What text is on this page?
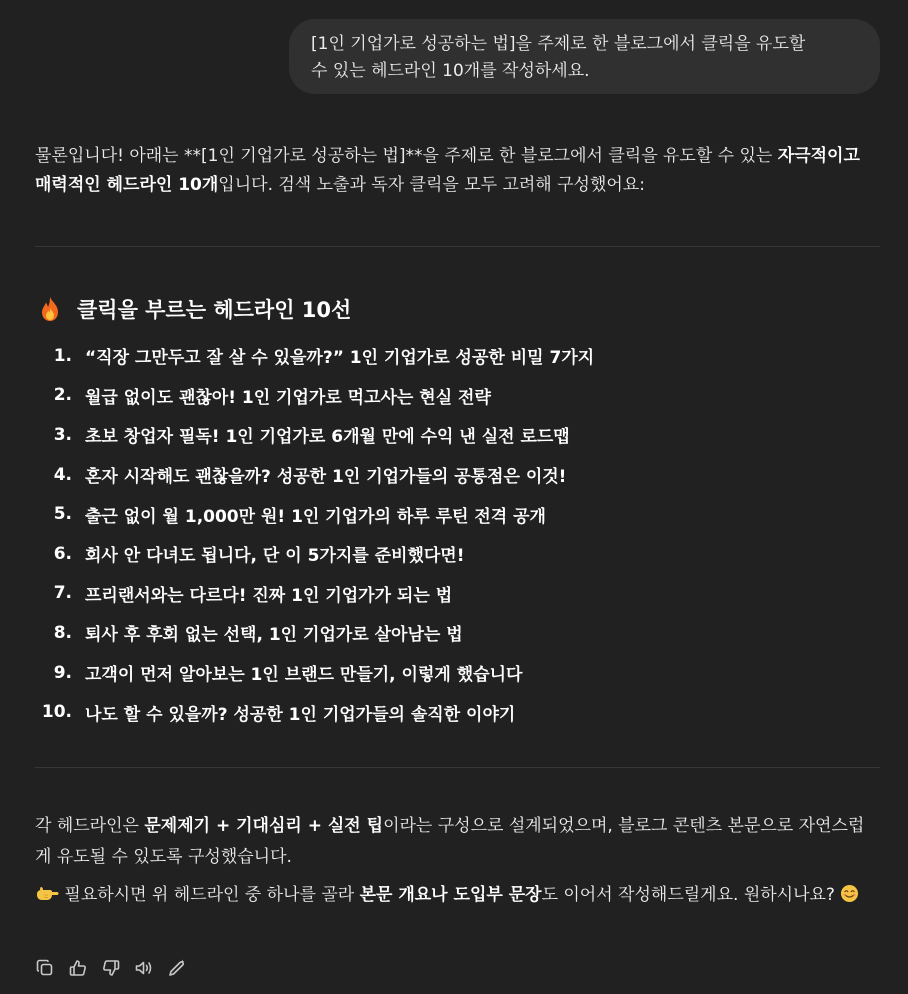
[1인 기업가로 성공하는 법]을 주제로 한 블로그에서 클릭을 유도할
수 있는 헤드라인 10개를 작성하세요.

물론입니다! 아래는 **[1인 기업가로 성공하는 법]**을 주제로 한 블로그에서 클릭을 유도할 수 있는 자극적이고 매력적인 헤드라인 10개입니다. 검색 노출과 독자 클릭을 모두 고려해 구성했어요:

클릭을 부르는 헤드라인 10선
1. “직장 그만두고 잘 살 수 있을까?” 1인 기업가로 성공한 비밀 7가지
2. 월급 없이도 괜찮아! 1인 기업가로 먹고사는 현실 전략
3. 초보 창업자 필독! 1인 기업가로 6개월 만에 수익 낸 실전 로드맵
4. 혼자 시작해도 괜찮을까? 성공한 1인 기업가들의 공통점은 이것!
5. 출근 없이 월 1,000만 원! 1인 기업가의 하루 루틴 전격 공개
6. 회사 안 다녀도 됩니다, 단 이 5가지를 준비했다면!
7. 프리랜서와는 다르다! 진짜 1인 기업가가 되는 법
8. 퇴사 후 후회 없는 선택, 1인 기업가로 살아남는 법
9. 고객이 먼저 알아보는 1인 브랜드 만들기, 이렇게 했습니다
10. 나도 할 수 있을까? 성공한 1인 기업가들의 솔직한 이야기

각 헤드라인은 문제제기 + 기대심리 + 실전 팁이라는 구성으로 설계되었으며, 블로그 콘텐츠 본문으로 자연스럽게 유도될 수 있도록 구성했습니다.

필요하시면 위 헤드라인 중 하나를 골라 본문 개요나 도입부 문장도 이어서 작성해드릴게요. 원하시나요?
